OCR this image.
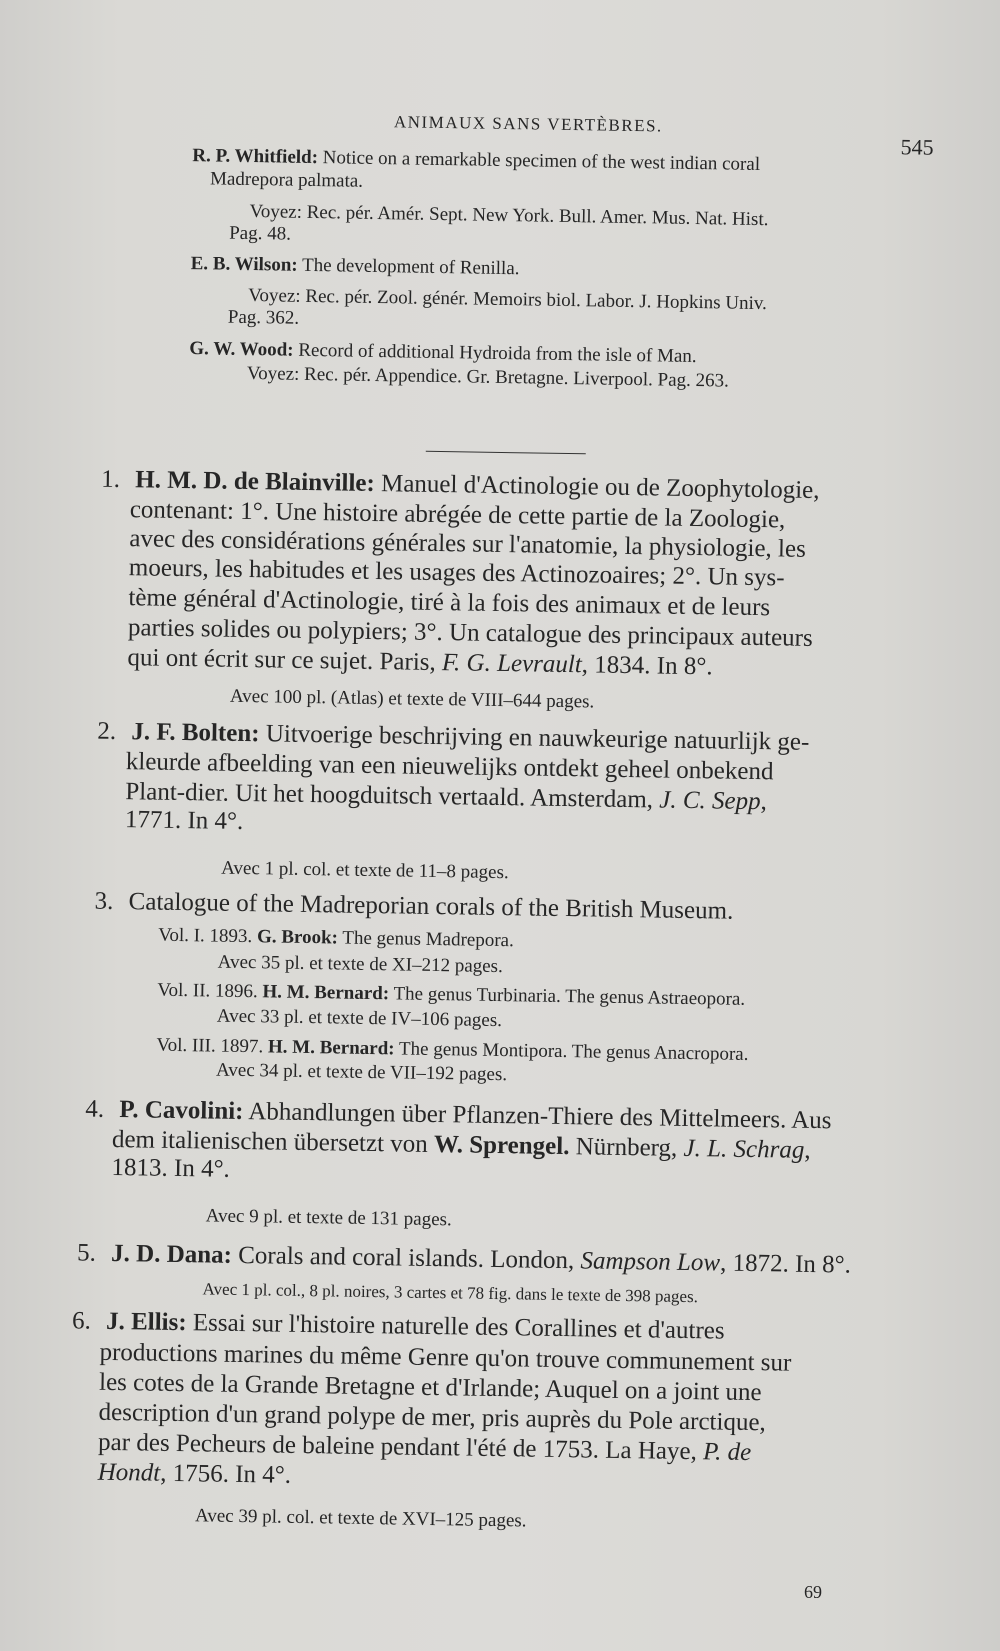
ANIMAUX SANS VERTÈBRES.
545
R. P. Whitfield: Notice on a remarkable specimen of the west indian coral
Madrepora palmata.
Voyez: Rec. pér. Amér. Sept. New York. Bull. Amer. Mus. Nat. Hist.
Pag. 48.
E. B. Wilson: The development of Renilla.
Voyez: Rec. pér. Zool. génér. Memoirs biol. Labor. J. Hopkins Univ.
Pag. 362.
G. W. Wood: Record of additional Hydroida from the isle of Man.
Voyez: Rec. pér. Appendice. Gr. Bretagne. Liverpool. Pag. 263.
1. H. M. D. de Blainville: Manuel d'Actinologie ou de Zoophytologie,
contenant: 1°. Une histoire abrégée de cette partie de la Zoologie,
avec des considérations générales sur l'anatomie, la physiologie, les
moeurs, les habitudes et les usages des Actinozoaires; 2°. Un sys-
tème général d'Actinologie, tiré à la fois des animaux et de leurs
parties solides ou polypiers; 3°. Un catalogue des principaux auteurs
qui ont écrit sur ce sujet. Paris, F. G. Levrault, 1834. In 8°.
Avec 100 pl. (Atlas) et texte de VIII–644 pages.
2. J. F. Bolten: Uitvoerige beschrijving en nauwkeurige natuurlijk ge-
kleurde afbeelding van een nieuwelijks ontdekt geheel onbekend
Plant-dier. Uit het hoogduitsch vertaald. Amsterdam, J. C. Sepp,
1771. In 4°.
Avec 1 pl. col. et texte de 11–8 pages.
3. Catalogue of the Madreporian corals of the British Museum.
Vol. I. 1893. G. Brook: The genus Madrepora.
Avec 35 pl. et texte de XI–212 pages.
Vol. II. 1896. H. M. Bernard: The genus Turbinaria. The genus Astraeopora.
Avec 33 pl. et texte de IV–106 pages.
Vol. III. 1897. H. M. Bernard: The genus Montipora. The genus Anacropora.
Avec 34 pl. et texte de VII–192 pages.
4. P. Cavolini: Abhandlungen über Pflanzen-Thiere des Mittelmeers. Aus
dem italienischen übersetzt von W. Sprengel. Nürnberg, J. L. Schrag,
1813. In 4°.
Avec 9 pl. et texte de 131 pages.
5. J. D. Dana: Corals and coral islands. London, Sampson Low, 1872. In 8°.
Avec 1 pl. col., 8 pl. noires, 3 cartes et 78 fig. dans le texte de 398 pages.
6. J. Ellis: Essai sur l'histoire naturelle des Corallines et d'autres
productions marines du même Genre qu'on trouve communement sur
les cotes de la Grande Bretagne et d'Irlande; Auquel on a joint une
description d'un grand polype de mer, pris auprès du Pole arctique,
par des Pecheurs de baleine pendant l'été de 1753. La Haye, P. de
Hondt, 1756. In 4°.
Avec 39 pl. col. et texte de XVI–125 pages.
69
